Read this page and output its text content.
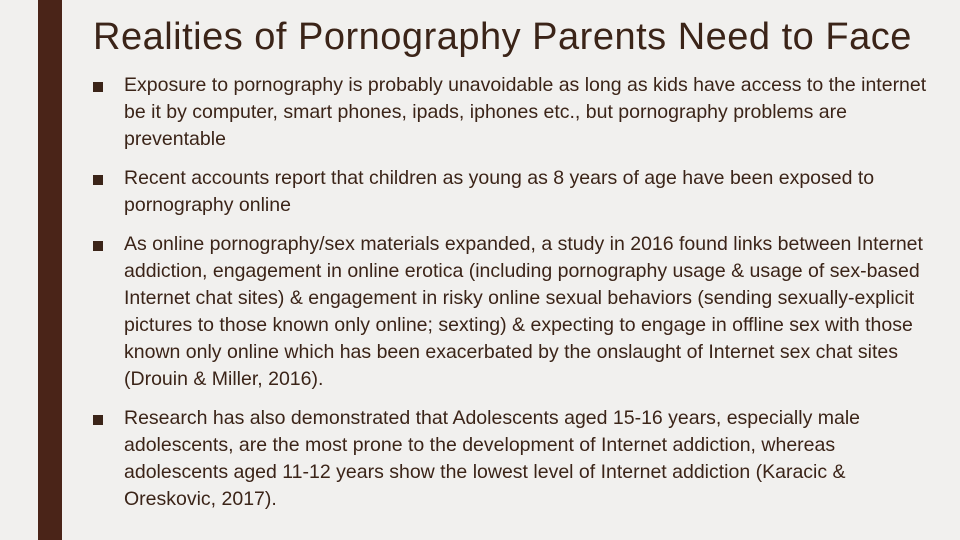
Realities of Pornography Parents Need to Face
Exposure to pornography is probably unavoidable as long as kids have access to the internet be it by computer, smart phones, ipads, iphones etc., but pornography problems are preventable
Recent accounts report that children as young as 8 years of age have been exposed to pornography online
As online pornography/sex materials expanded, a study in 2016 found links between Internet addiction, engagement in online erotica (including pornography usage & usage of sex-based Internet chat sites) & engagement in risky online sexual behaviors (sending sexually-explicit pictures to those known only online; sexting) & expecting to engage in offline sex with those known only online which has been exacerbated by the onslaught of Internet sex chat sites (Drouin & Miller, 2016).
Research has also demonstrated that Adolescents aged 15-16 years, especially male adolescents, are the most prone to the development of Internet addiction, whereas adolescents aged 11-12 years show the lowest level of Internet addiction (Karacic & Oreskovic, 2017).
